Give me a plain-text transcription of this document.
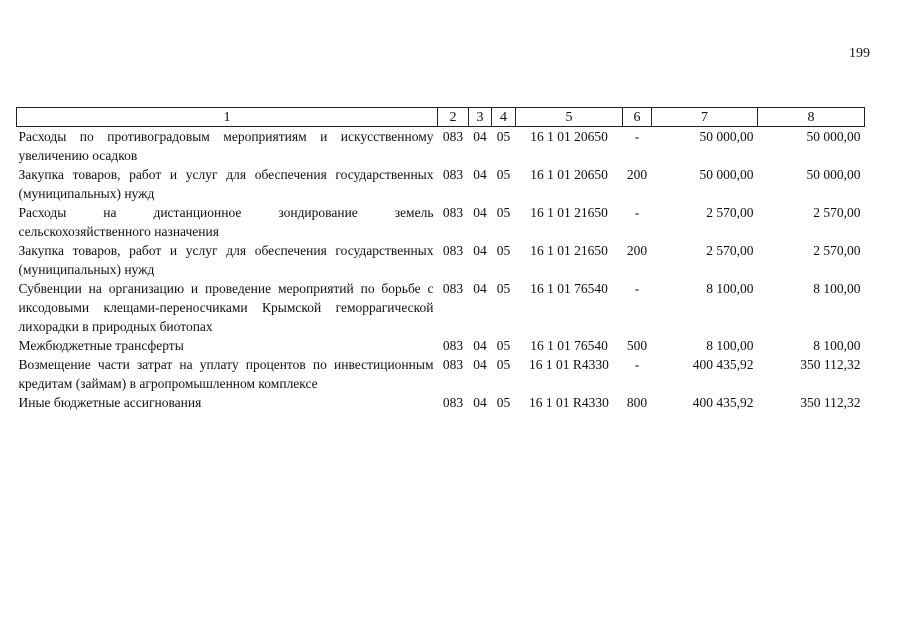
199
1	2	3	4	5	6	7	8
Расходы по противоградовым мероприятиям и искусственному увеличению осадков	083	04	05	16 1 01 20650	-	50 000,00	50 000,00
Закупка товаров, работ и услуг для обеспечения государственных (муниципальных) нужд	083	04	05	16 1 01 20650	200	50 000,00	50 000,00
Расходы на дистанционное зондирование земель сельскохозяйственного назначения	083	04	05	16 1 01 21650	-	2 570,00	2 570,00
Закупка товаров, работ и услуг для обеспечения государственных (муниципальных) нужд	083	04	05	16 1 01 21650	200	2 570,00	2 570,00
Субвенции на организацию и проведение мероприятий по борьбе с иксодовыми клещами-переносчиками Крымской геморрагической лихорадки в природных биотопах	083	04	05	16 1 01 76540	-	8 100,00	8 100,00
Межбюджетные трансферты	083	04	05	16 1 01 76540	500	8 100,00	8 100,00
Возмещение части затрат на уплату процентов по инвестиционным кредитам (займам) в агропромышленном комплексе	083	04	05	16 1 01 R4330	-	400 435,92	350 112,32
Иные бюджетные ассигнования	083	04	05	16 1 01 R4330	800	400 435,92	350 112,32
